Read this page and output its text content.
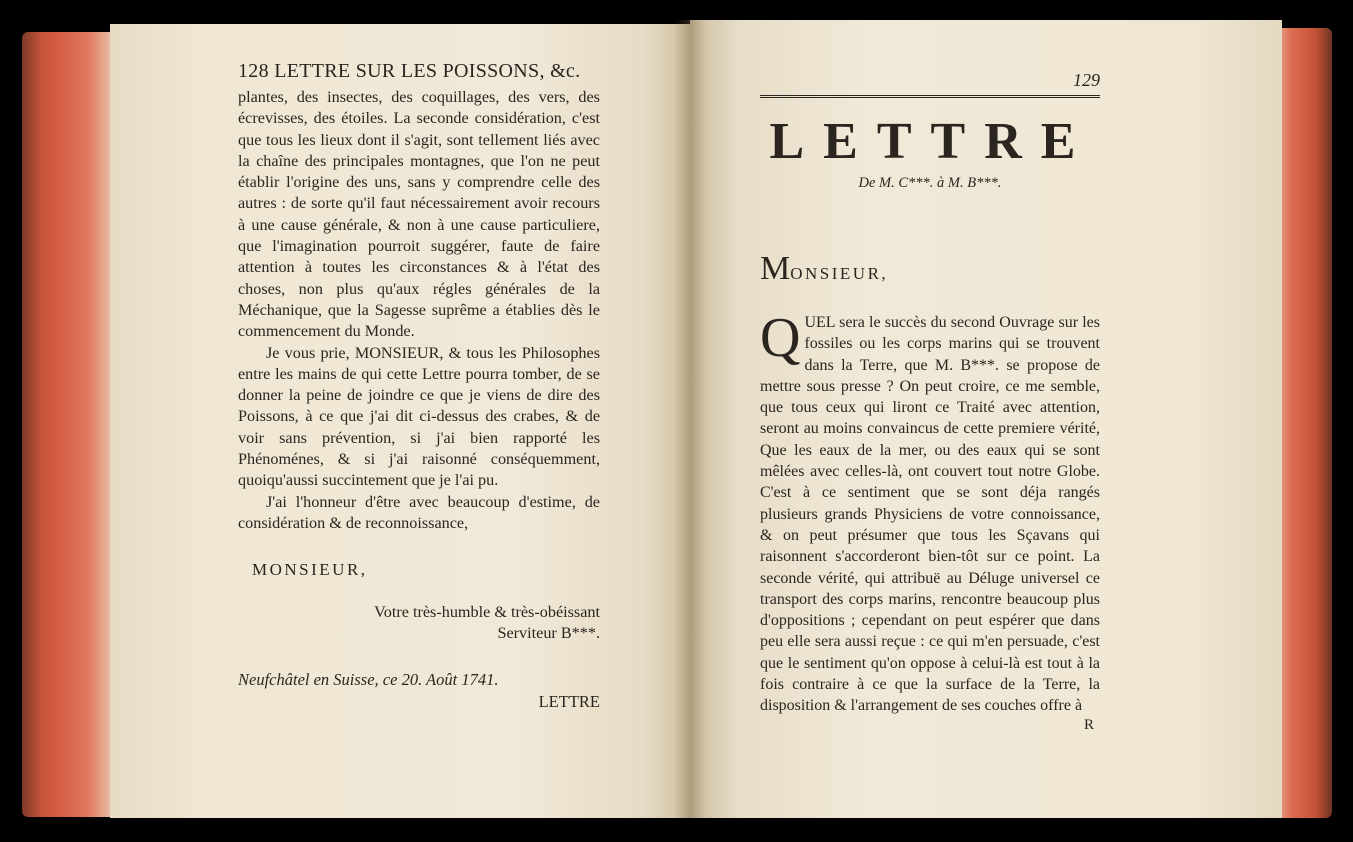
128 LETTRE SUR LES POISSONS, &c.

plantes, des insectes, des coquillages, des vers, des écrevisses, des étoiles. La seconde considération, c'est que tous les lieux dont il s'agit, sont tellement liés avec la chaîne des principales montagnes, que l'on ne peut établir l'origine des uns, sans y comprendre celle des autres : de sorte qu'il faut nécessairement avoir recours à une cause générale, & non à une cause particuliere, que l'imagination pourroit suggérer, faute de faire attention à toutes les circonstances & à l'état des choses, non plus qu'aux régles générales de la Méchanique, que la Sagesse suprême a établies dès le commencement du Monde.

Je vous prie, MONSIEUR, & tous les Philosophes entre les mains de qui cette Lettre pourra tomber, de se donner la peine de joindre ce que je viens de dire des Poissons, à ce que j'ai dit ci-dessus des crabes, & de voir sans prévention, si j'ai bien rapporté les Phénoménes, & si j'ai raisonné conséquemment, quoiqu'aussi succintement que je l'ai pu.

J'ai l'honneur d'être avec beaucoup d'estime, de considération & de reconnoissance,

MONSIEUR,
Votre très-humble & très-obéissant
Serviteur B***.
Neufchâtel en Suisse, ce 20. Août 1741.
LETTRE
129
LETTRE
De M. C***. à M. B***.
MONSIEUR,
QUEL sera le succès du second Ouvrage sur les fossiles ou les corps marins qui se trouvent dans la Terre, que M. B***. se propose de mettre sous presse ? On peut croire, ce me semble, que tous ceux qui liront ce Traité avec attention, seront au moins convaincus de cette premiere vérité, Que les eaux de la mer, ou des eaux qui se sont mêlées avec celles-là, ont couvert tout notre Globe. C'est à ce sentiment que se sont déja rangés plusieurs grands Physiciens de votre connoissance, & on peut présumer que tous les Sçavans qui raisonnent s'accorderont bien-tôt sur ce point. La seconde vérité, qui attribuë au Déluge universel ce transport des corps marins, rencontre beaucoup plus d'oppositions ; cependant on peut espérer que dans peu elle sera aussi reçue : ce qui m'en persuade, c'est que le sentiment qu'on oppose à celui-là est tout à la fois contraire à ce que la surface de la Terre, la disposition & l'arrangement de ses couches offre à
R
